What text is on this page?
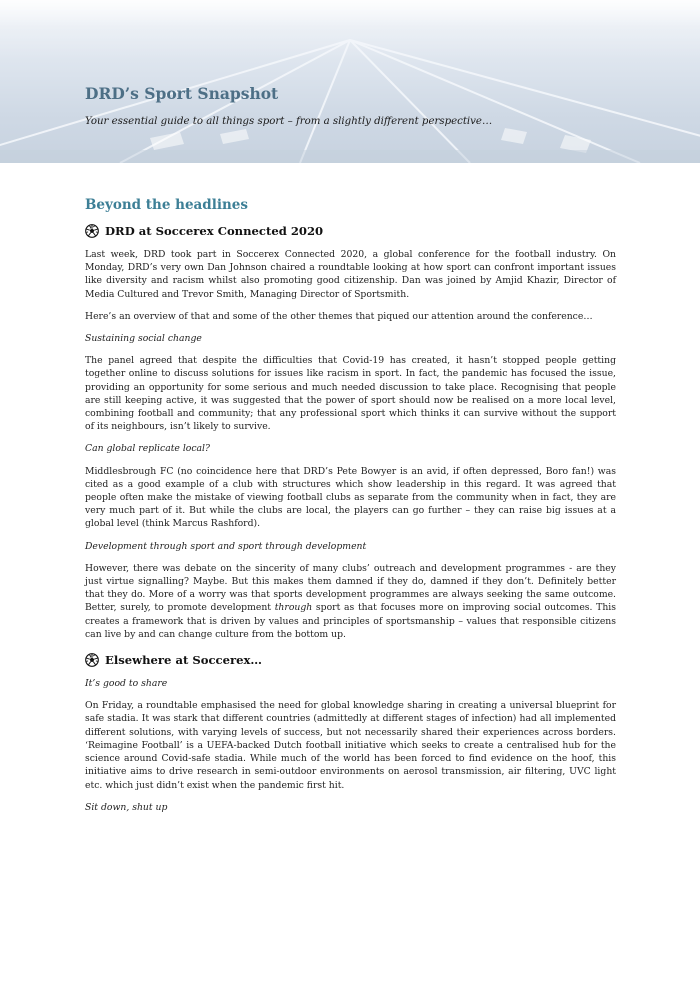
DRD’s Sport Snapshot
Your essential guide to all things sport – from a slightly different perspective…
Beyond the headlines
DRD at Soccerex Connected 2020

Last week, DRD took part in Soccerex Connected 2020, a global conference for the football industry. On Monday, DRD’s very own Dan Johnson chaired a roundtable looking at how sport can confront important issues like diversity and racism whilst also promoting good citizenship. Dan was joined by Amjid Khazir, Director of Media Cultured and Trevor Smith, Managing Director of Sportsmith.

Here’s an overview of that and some of the other themes that piqued our attention around the conference…

Sustaining social change

The panel agreed that despite the difficulties that Covid-19 has created, it hasn’t stopped people getting together online to discuss solutions for issues like racism in sport. In fact, the pandemic has focused the issue, providing an opportunity for some serious and much needed discussion to take place. Recognising that people are still keeping active, it was suggested that the power of sport should now be realised on a more local level, combining football and community; that any professional sport which thinks it can survive without the support of its neighbours, isn’t likely to survive.

Can global replicate local?

Middlesbrough FC (no coincidence here that DRD’s Pete Bowyer is an avid, if often depressed, Boro fan!) was cited as a good example of a club with structures which show leadership in this regard. It was agreed that people often make the mistake of viewing football clubs as separate from the community when in fact, they are very much part of it. But while the clubs are local, the players can go further – they can raise big issues at a global level (think Marcus Rashford).

Development through sport and sport through development

However, there was debate on the sincerity of many clubs’ outreach and development programmes - are they just virtue signalling? Maybe. But this makes them damned if they do, damned if they don’t. Definitely better that they do. More of a worry was that sports development programmes are always seeking the same outcome. Better, surely, to promote development through sport as that focuses more on improving social outcomes. This creates a framework that is driven by values and principles of sportsmanship – values that responsible citizens can live by and can change culture from the bottom up.

Elsewhere at Soccerex…

It’s good to share

On Friday, a roundtable emphasised the need for global knowledge sharing in creating a universal blueprint for safe stadia. It was stark that different countries (admittedly at different stages of infection) had all implemented different solutions, with varying levels of success, but not necessarily shared their experiences across borders. ‘Reimagine Football’ is a UEFA-backed Dutch football initiative which seeks to create a centralised hub for the science around Covid-safe stadia. While much of the world has been forced to find evidence on the hoof, this initiative aims to drive research in semi-outdoor environments on aerosol transmission, air filtering, UVC light etc. which just didn’t exist when the pandemic first hit.

Sit down, shut up
